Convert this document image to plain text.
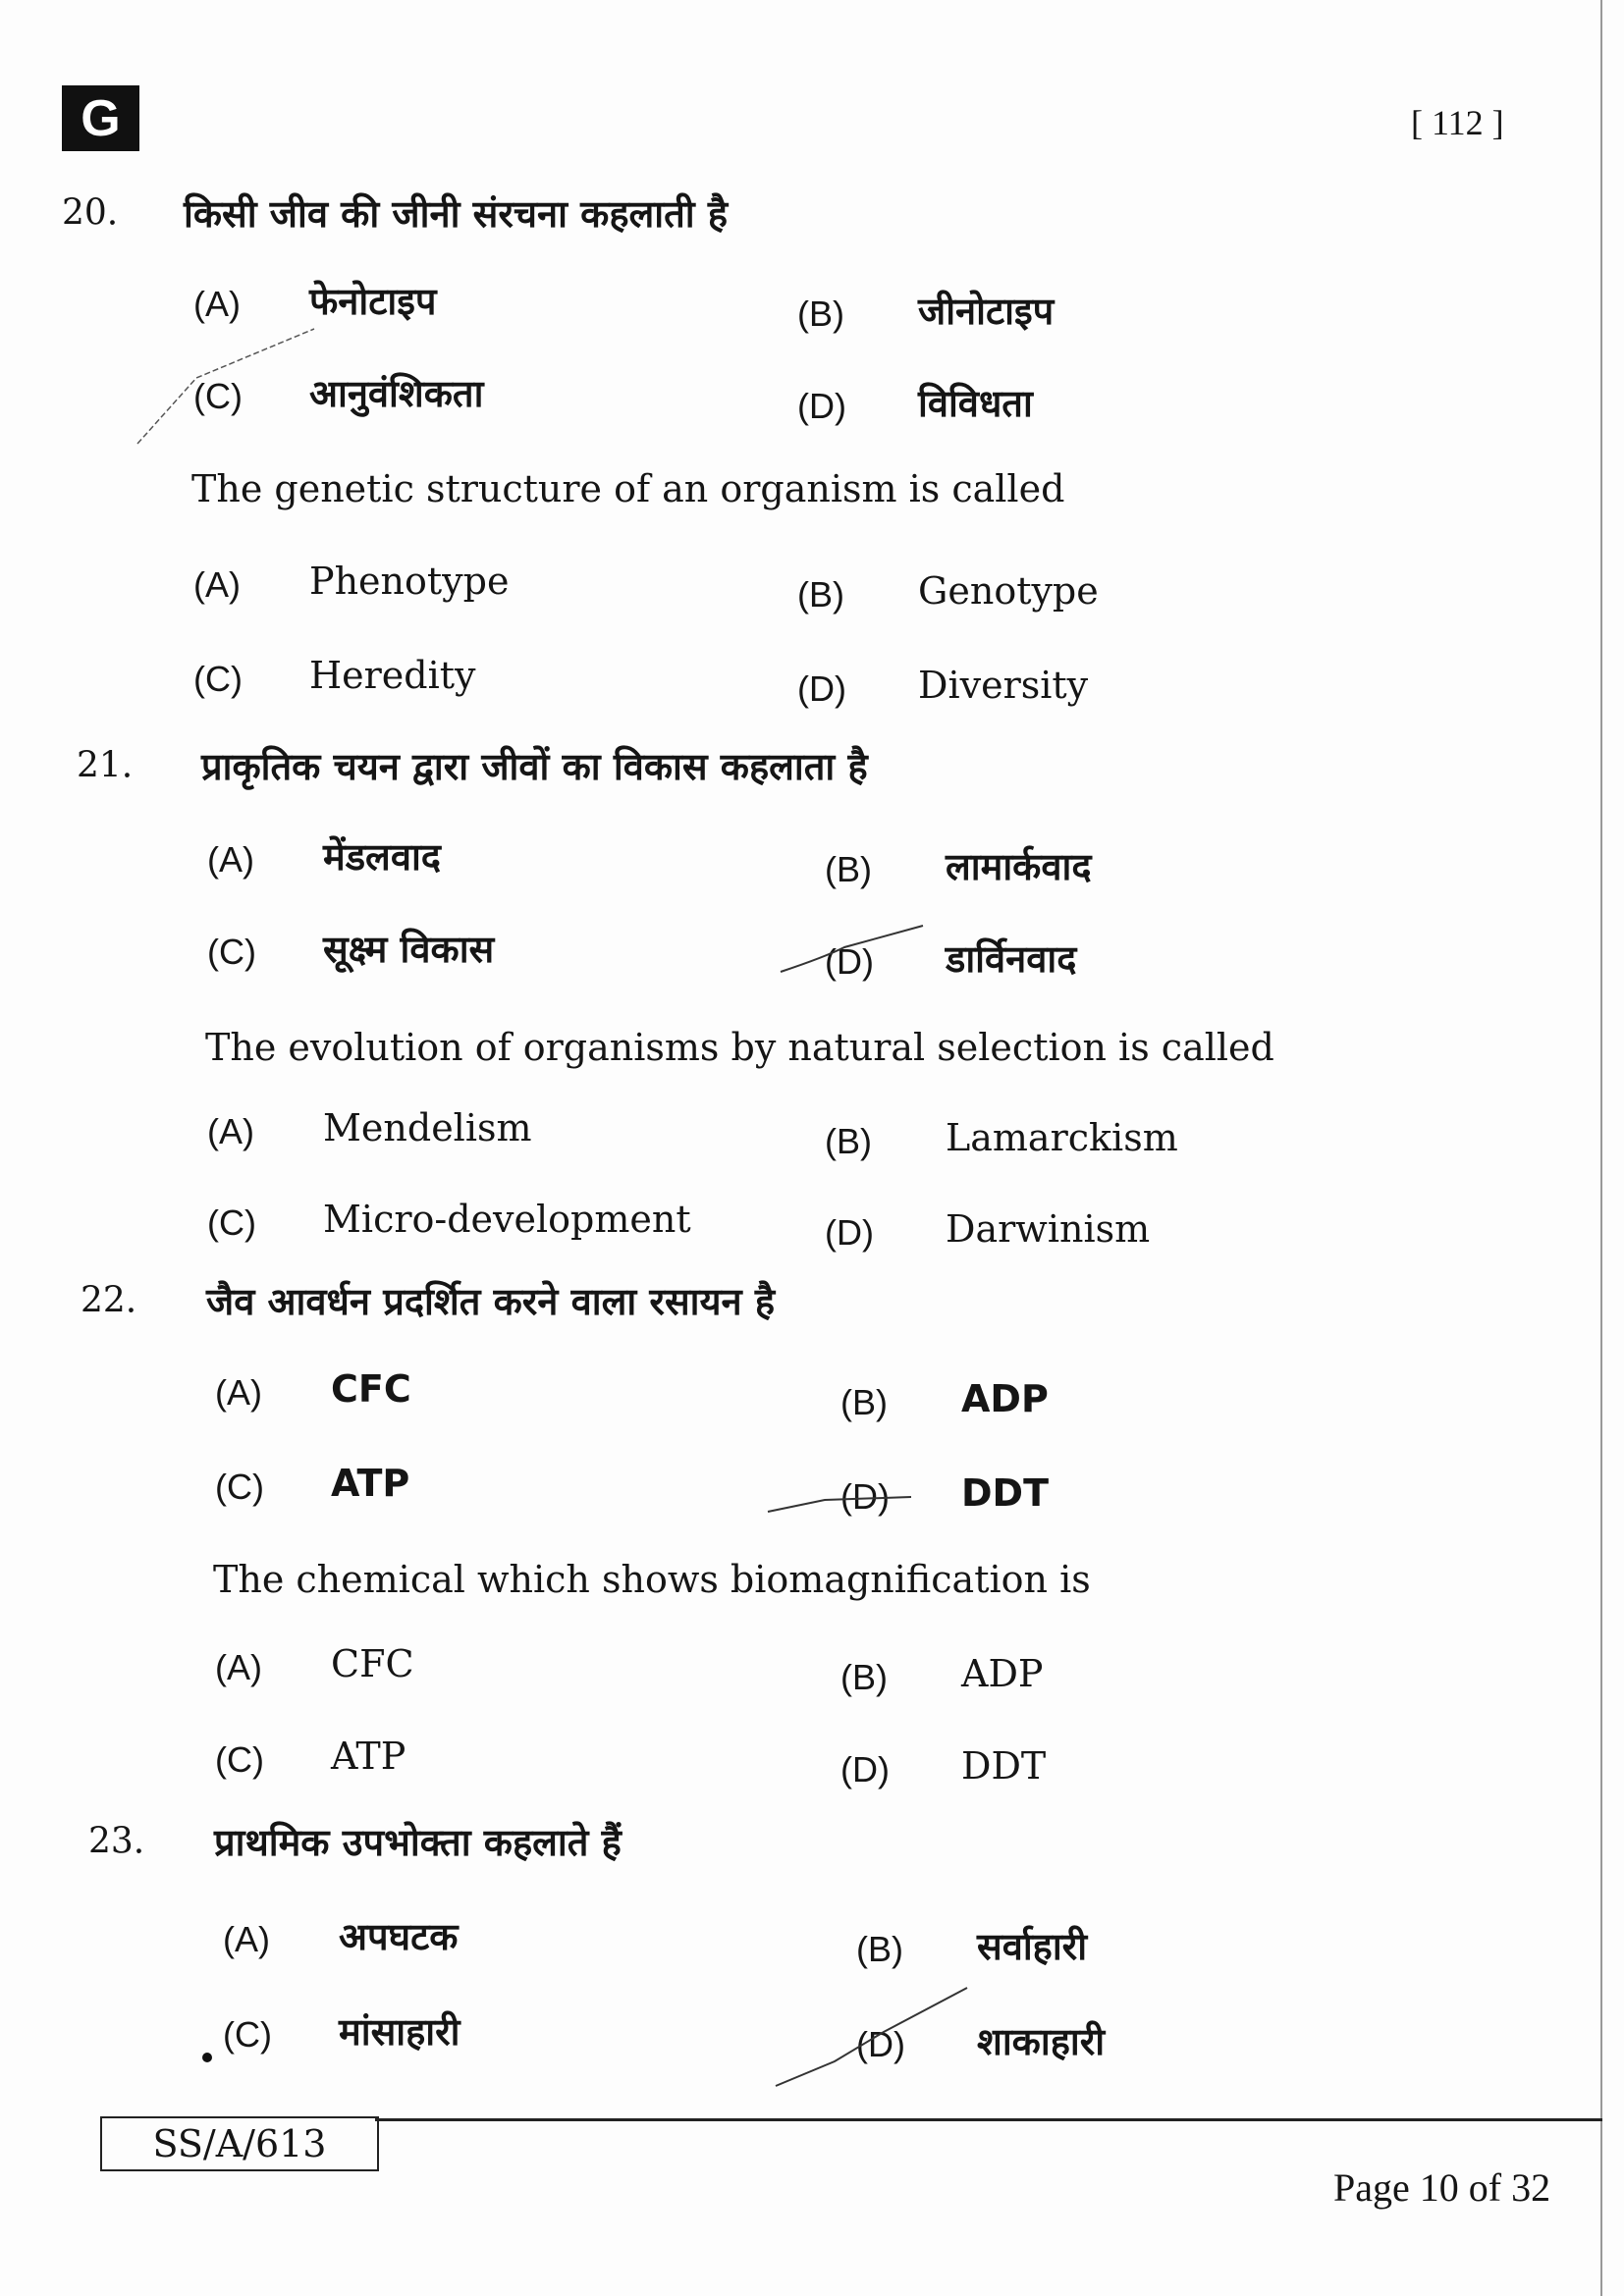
G	[ 112 ]
20. किसी जीव की जीनी संरचना कहलाती है
(A) फेनोटाइप	(B) जीनोटाइप
(C) आनुवंशिकता	(D) विविधता
The genetic structure of an organism is called
(A) Phenotype	(B) Genotype
(C) Heredity	(D) Diversity
21. प्राकृतिक चयन द्वारा जीवों का विकास कहलाता है
(A) मेंडलवाद	(B) लामार्कवाद
(C) सूक्ष्म विकास	(D) डार्विनवाद
The evolution of organisms by natural selection is called
(A) Mendelism	(B) Lamarckism
(C) Micro-development	(D) Darwinism
22. जैव आवर्धन प्रदर्शित करने वाला रसायन है
(A) CFC	(B) ADP
(C) ATP	(D) DDT
The chemical which shows biomagnification is
(A) CFC	(B) ADP
(C) ATP	(D) DDT
23. प्राथमिक उपभोक्ता कहलाते हैं
(A) अपघटक	(B) सर्वाहारी
(C) मांसाहारी	(D) शाकाहारी
SS/A/613
Page 10 of 32
